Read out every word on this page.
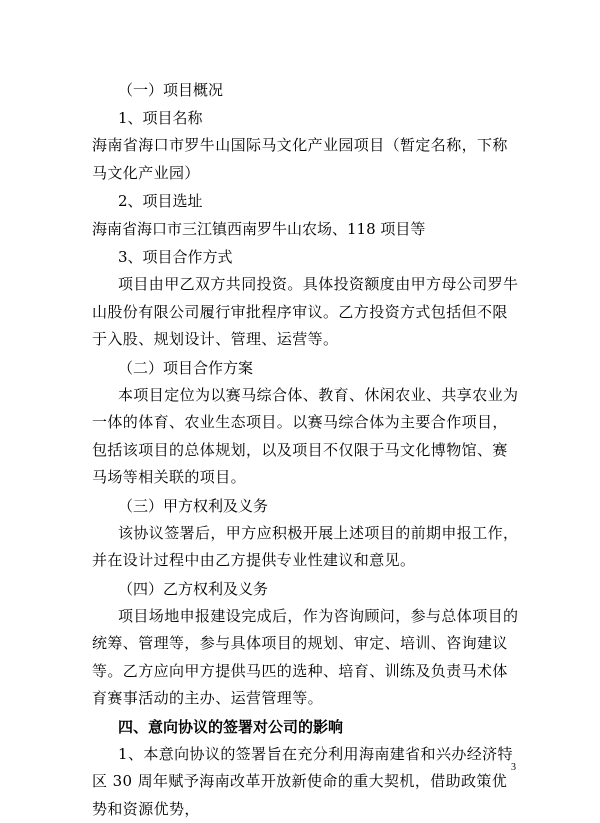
（一）项目概况
1、项目名称

海南省海口市罗牛山国际马文化产业园项目（暂定名称，下称马文化产业园）

2、项目选址
海南省海口市三江镇西南罗牛山农场、118 项目等
3、项目合作方式

项目由甲乙双方共同投资。具体投资额度由甲方母公司罗牛山股份有限公司履行审批程序审议。乙方投资方式包括但不限于入股、规划设计、管理、运营等。

（二）项目合作方案

本项目定位为以赛马综合体、教育、休闲农业、共享农业为一体的体育、农业生态项目。以赛马综合体为主要合作项目，包括该项目的总体规划，以及项目不仅限于马文化博物馆、赛马场等相关联的项目。

（三）甲方权利及义务

该协议签署后，甲方应积极开展上述项目的前期申报工作，并在设计过程中由乙方提供专业性建议和意见。

（四）乙方权利及义务

项目场地申报建设完成后，作为咨询顾问，参与总体项目的统筹、管理等，参与具体项目的规划、审定、培训、咨询建议等。乙方应向甲方提供马匹的选种、培育、训练及负责马术体育赛事活动的主办、运营管理等。

四、意向协议的签署对公司的影响

1、本意向协议的签署旨在充分利用海南建省和兴办经济特区 30 周年赋予海南改革开放新使命的重大契机，借助政策优势和资源优势，

3
